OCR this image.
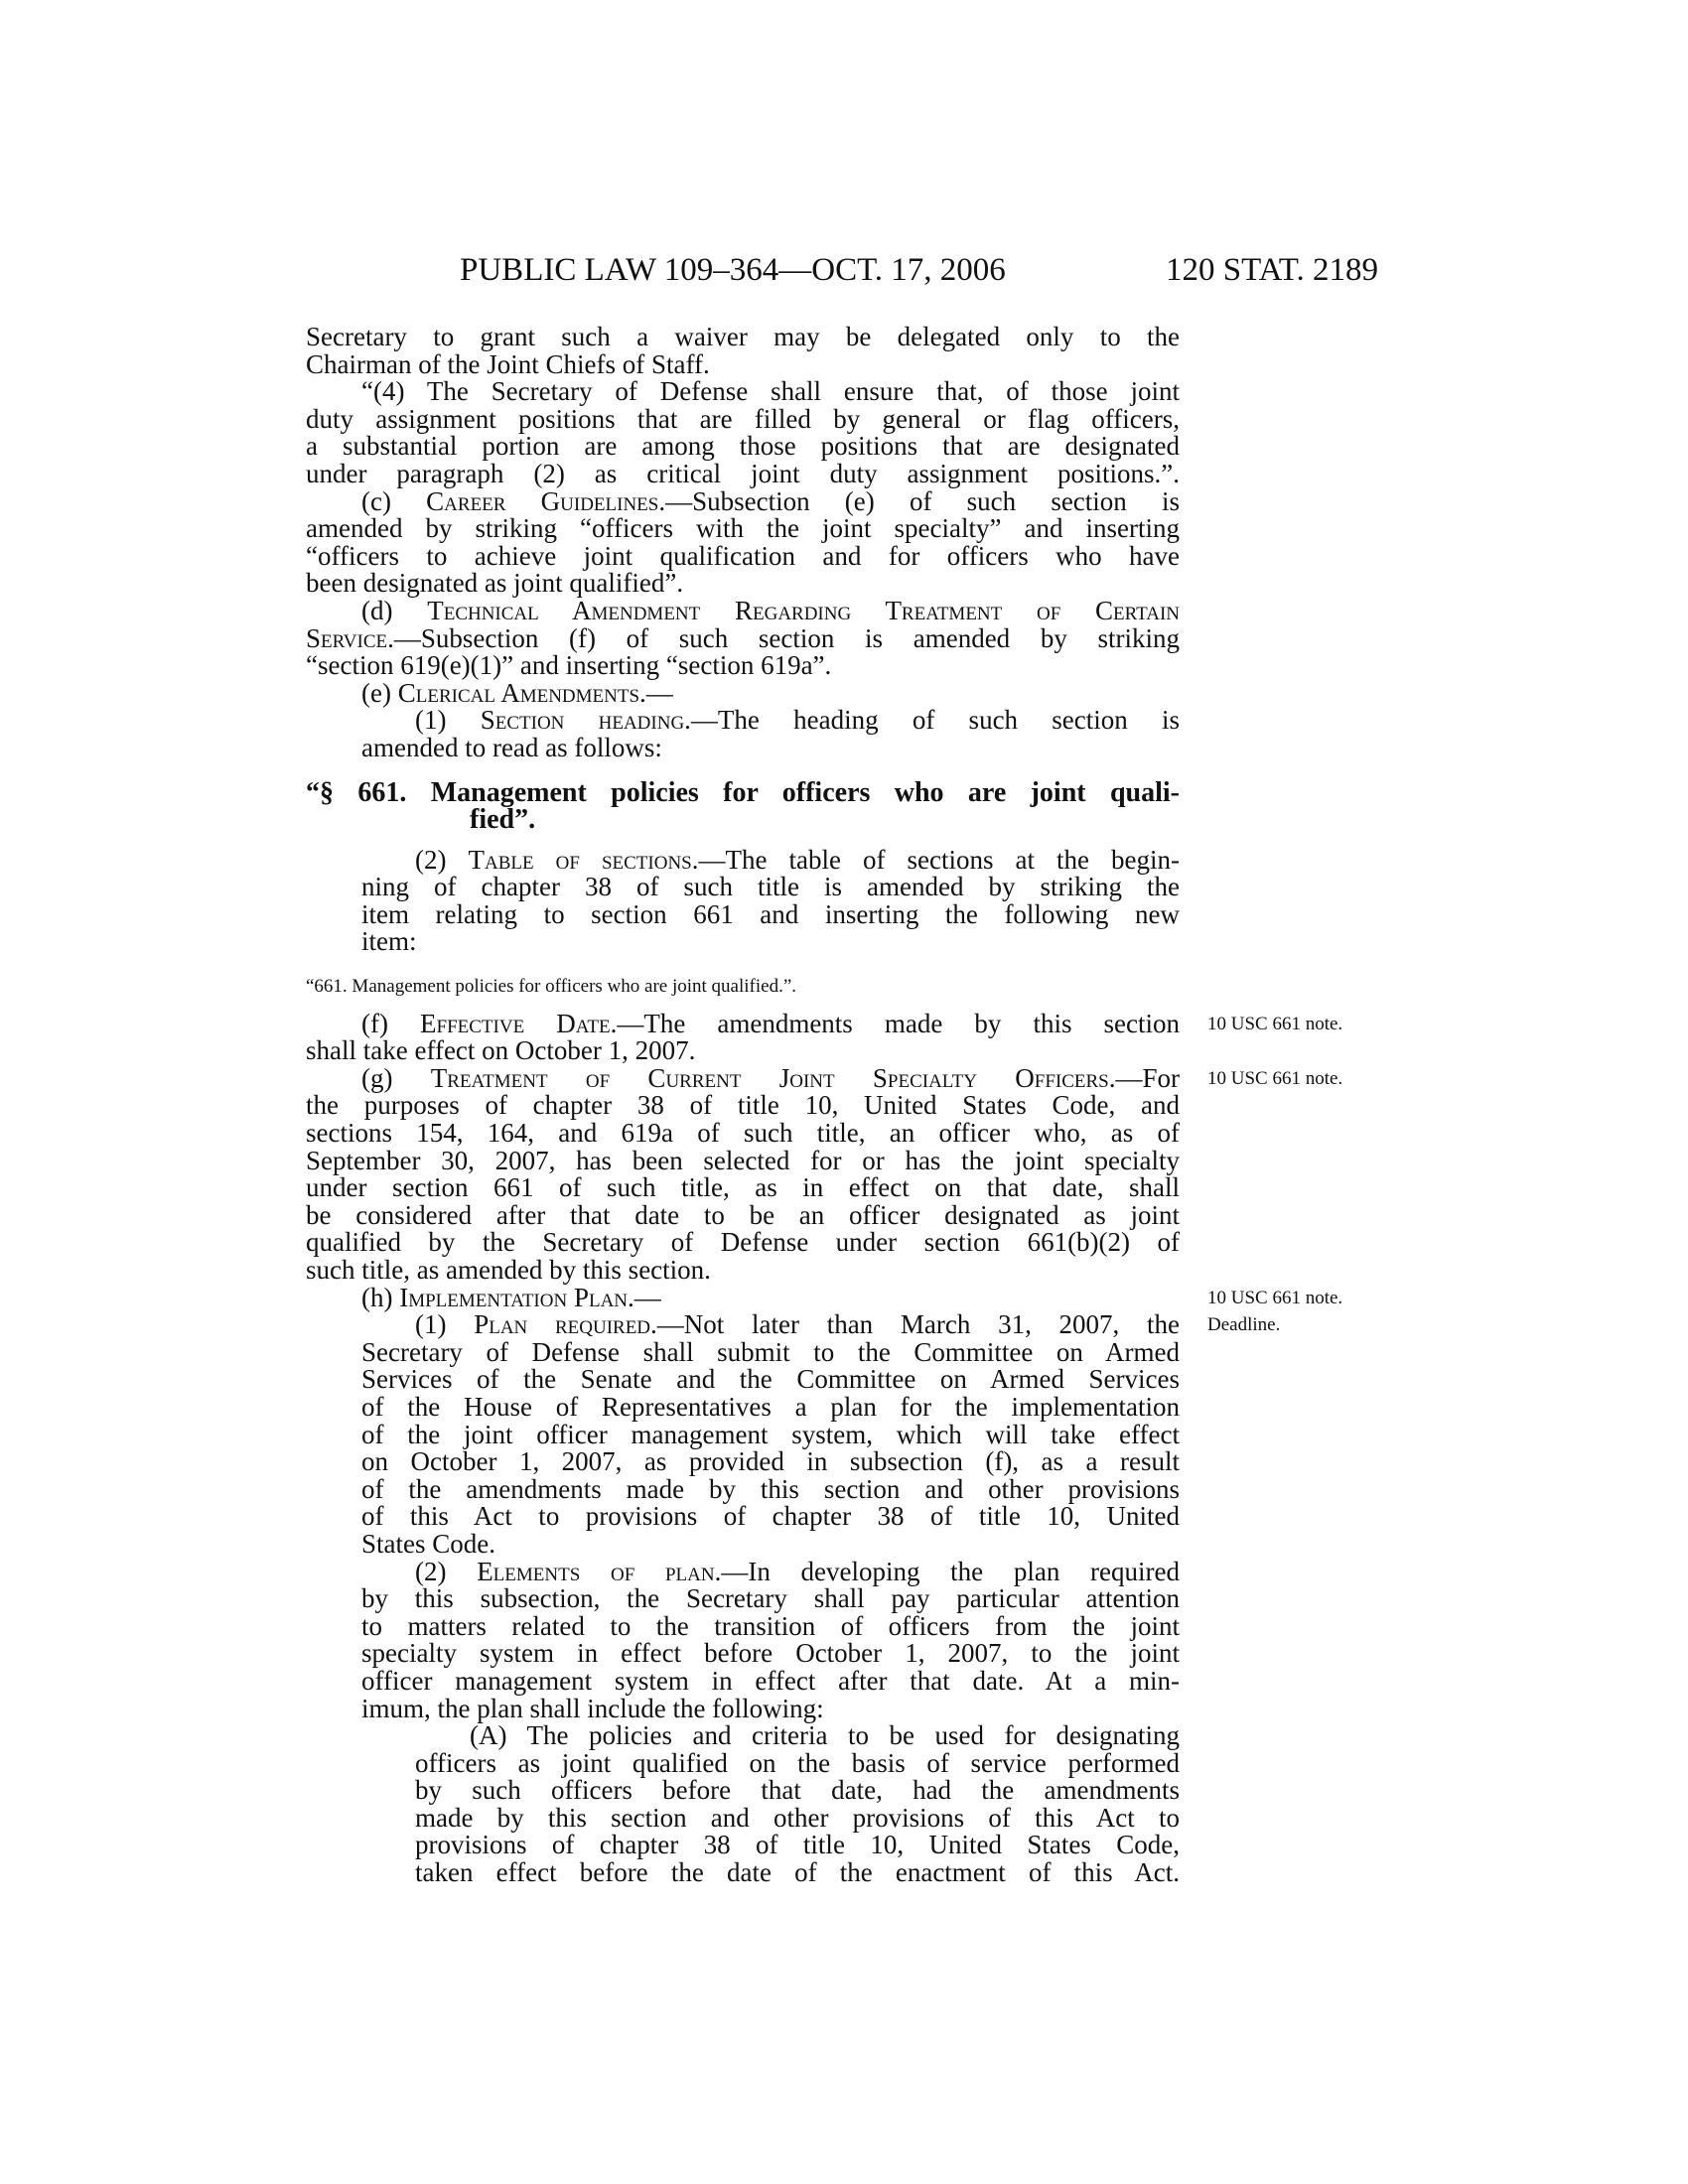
PUBLIC LAW 109–364—OCT. 17, 2006	120 STAT. 2189
Secretary to grant such a waiver may be delegated only to the
Chairman of the Joint Chiefs of Staff.
“(4) The Secretary of Defense shall ensure that, of those joint
duty assignment positions that are filled by general or flag officers,
a substantial portion are among those positions that are designated
under paragraph (2) as critical joint duty assignment positions.”.
(c) Career Guidelines.—Subsection (e) of such section is
amended by striking “officers with the joint specialty” and inserting
“officers to achieve joint qualification and for officers who have
been designated as joint qualified”.
(d) Technical Amendment Regarding Treatment of Certain
Service.—Subsection (f) of such section is amended by striking
“section 619(e)(1)” and inserting “section 619a”.
(e) Clerical Amendments.—
(1) Section heading.—The heading of such section is
amended to read as follows:
“§ 661. Management policies for officers who are joint quali-
fied”.
(2) Table of sections.—The table of sections at the begin-
ning of chapter 38 of such title is amended by striking the
item relating to section 661 and inserting the following new
item:
“661. Management policies for officers who are joint qualified.”.
(f) Effective Date.—The amendments made by this section 10 USC 661 note.
shall take effect on October 1, 2007.
(g) Treatment of Current Joint Specialty Officers.—For 10 USC 661 note.
the purposes of chapter 38 of title 10, United States Code, and
sections 154, 164, and 619a of such title, an officer who, as of
September 30, 2007, has been selected for or has the joint specialty
under section 661 of such title, as in effect on that date, shall
be considered after that date to be an officer designated as joint
qualified by the Secretary of Defense under section 661(b)(2) of
such title, as amended by this section.
(h) Implementation Plan.—	10 USC 661 note.
(1) Plan required.—Not later than March 31, 2007, the Deadline.
Secretary of Defense shall submit to the Committee on Armed
Services of the Senate and the Committee on Armed Services
of the House of Representatives a plan for the implementation
of the joint officer management system, which will take effect
on October 1, 2007, as provided in subsection (f), as a result
of the amendments made by this section and other provisions
of this Act to provisions of chapter 38 of title 10, United
States Code.
(2) Elements of plan.—In developing the plan required
by this subsection, the Secretary shall pay particular attention
to matters related to the transition of officers from the joint
specialty system in effect before October 1, 2007, to the joint
officer management system in effect after that date. At a min-
imum, the plan shall include the following:
(A) The policies and criteria to be used for designating
officers as joint qualified on the basis of service performed
by such officers before that date, had the amendments
made by this section and other provisions of this Act to
provisions of chapter 38 of title 10, United States Code,
taken effect before the date of the enactment of this Act.
